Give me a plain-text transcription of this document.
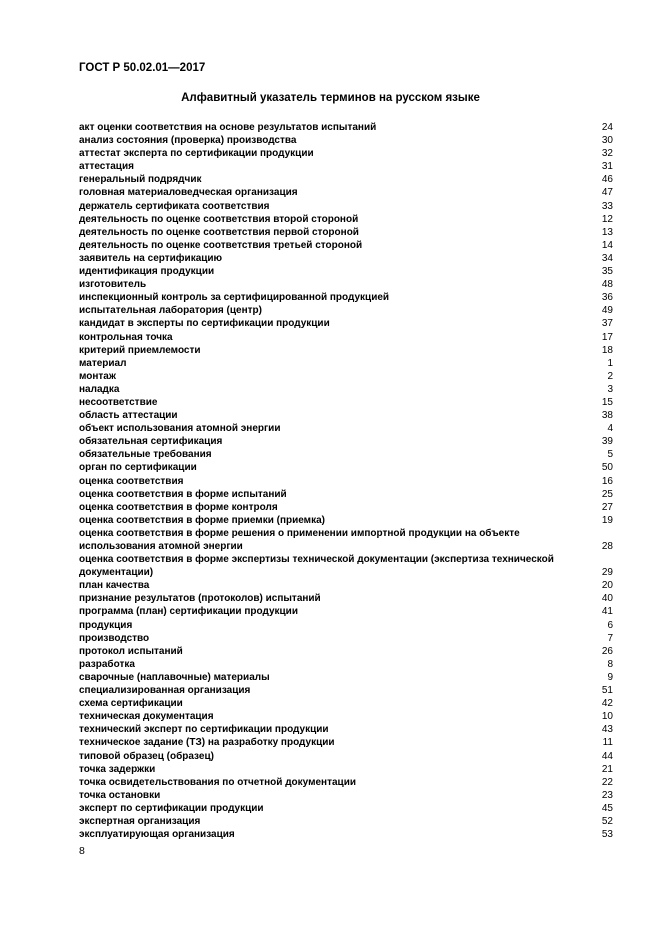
ГОСТ Р 50.02.01—2017
Алфавитный указатель терминов на русском языке
акт оценки соответствия на основе результатов испытаний	24
анализ состояния (проверка) производства	30
аттестат эксперта по сертификации продукции	32
аттестация	31
генеральный подрядчик	46
головная материаловедческая организация	47
держатель сертификата соответствия	33
деятельность по оценке соответствия второй стороной	12
деятельность по оценке соответствия первой стороной	13
деятельность по оценке соответствия третьей стороной	14
заявитель на сертификацию	34
идентификация продукции	35
изготовитель	48
инспекционный контроль за сертифицированной продукцией	36
испытательная лаборатория (центр)	49
кандидат в эксперты по сертификации продукции	37
контрольная точка	17
критерий приемлемости	18
материал	1
монтаж	2
наладка	3
несоответствие	15
область аттестации	38
объект использования атомной энергии	4
обязательная сертификация	39
обязательные требования	5
орган по сертификации	50
оценка соответствия	16
оценка соответствия в форме испытаний	25
оценка соответствия в форме контроля	27
оценка соответствия в форме приемки (приемка)	19
оценка соответствия в форме решения о применении импортной продукции на объекте использования атомной энергии	28
оценка соответствия в форме экспертизы технической документации (экспертиза технической документации)	29
план качества	20
признание результатов (протоколов) испытаний	40
программа (план) сертификации продукции	41
продукция	6
производство	7
протокол испытаний	26
разработка	8
сварочные (наплавочные) материалы	9
специализированная организация	51
схема сертификации	42
техническая документация	10
технический эксперт по сертификации продукции	43
техническое задание (ТЗ) на разработку продукции	11
типовой образец (образец)	44
точка задержки	21
точка освидетельствования по отчетной документации	22
точка остановки	23
эксперт по сертификации продукции	45
экспертная организация	52
эксплуатирующая организация	53
8
